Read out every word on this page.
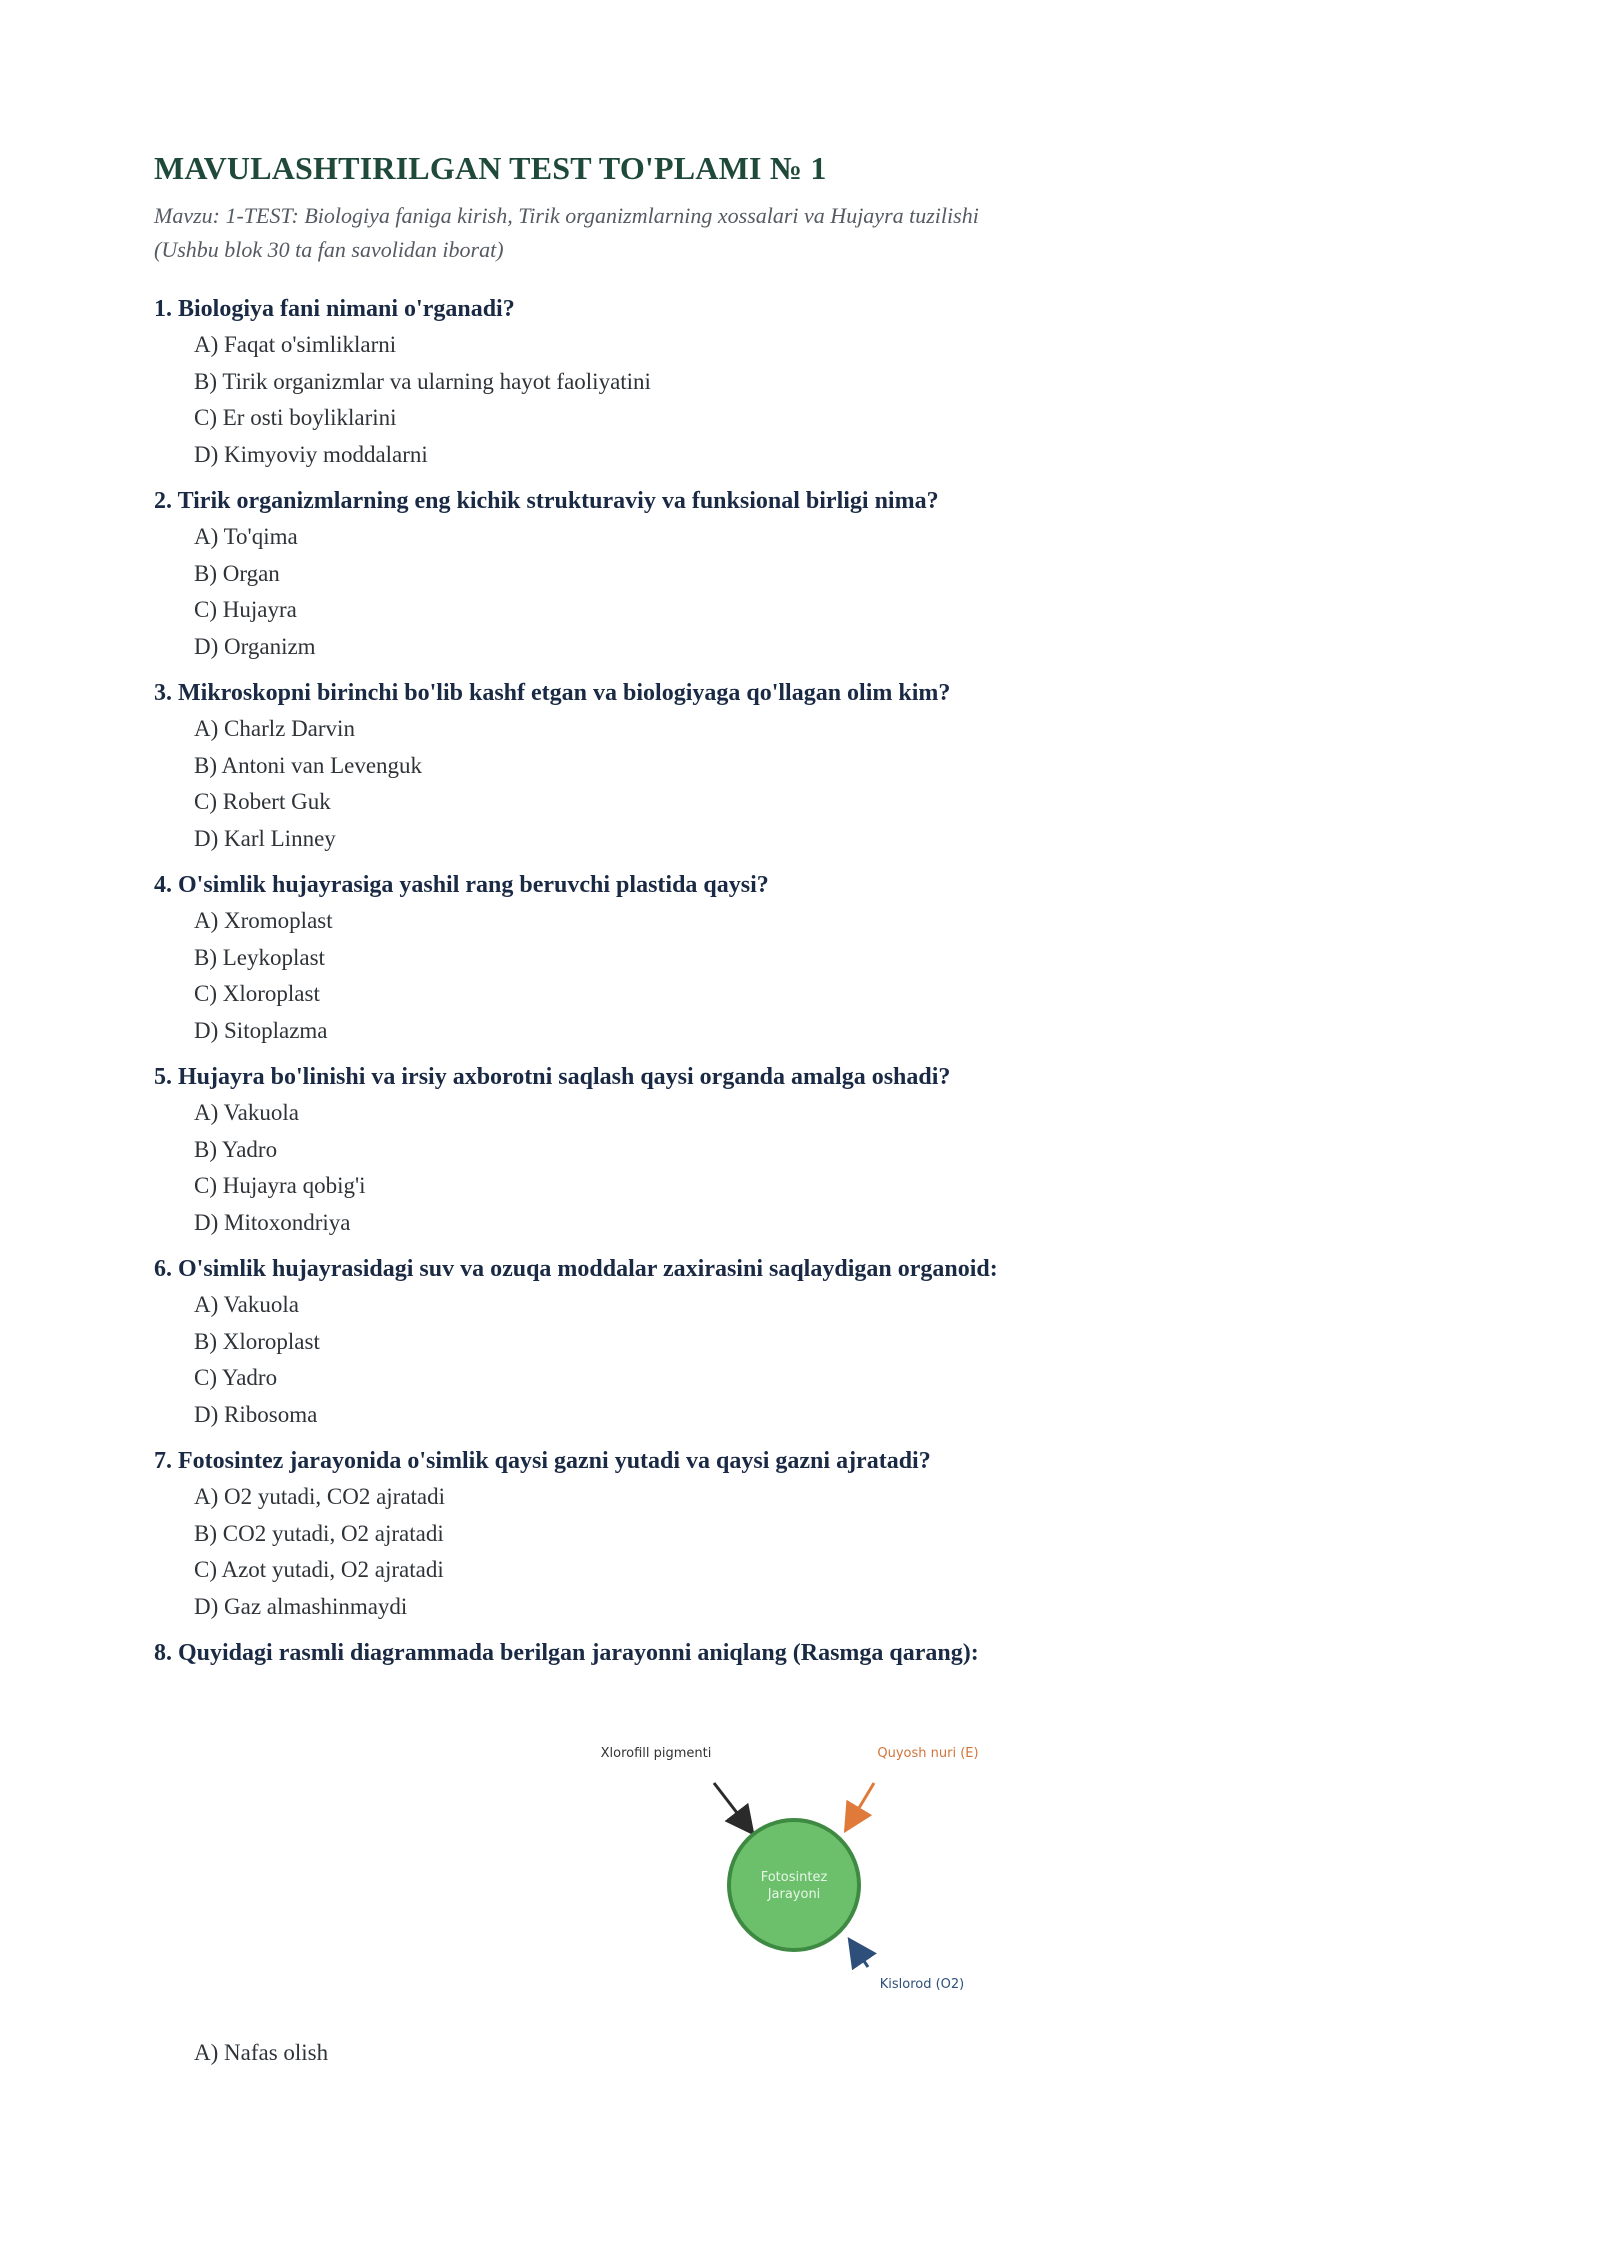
MAVULASHTIRILGAN TEST TO'PLAMI № 1
Mavzu: 1-TEST: Biologiya faniga kirish, Tirik organizmlarning xossalari va Hujayra tuzilishi
(Ushbu blok 30 ta fan savolidan iborat)
1. Biologiya fani nimani o'rganadi?
A) Faqat o'simliklarni
B) Tirik organizmlar va ularning hayot faoliyatini
C) Er osti boyliklarini
D) Kimyoviy moddalarni
2. Tirik organizmlarning eng kichik strukturaviy va funksional birligi nima?
A) To'qima
B) Organ
C) Hujayra
D) Organizm
3. Mikroskopni birinchi bo'lib kashf etgan va biologiyaga qo'llagan olim kim?
A) Charlz Darvin
B) Antoni van Levenguk
C) Robert Guk
D) Karl Linney
4. O'simlik hujayrasiga yashil rang beruvchi plastida qaysi?
A) Xromoplast
B) Leykoplast
C) Xloroplast
D) Sitoplazma
5. Hujayra bo'linishi va irsiy axborotni saqlash qaysi organda amalga oshadi?
A) Vakuola
B) Yadro
C) Hujayra qobig'i
D) Mitoxondriya
6. O'simlik hujayrasidagi suv va ozuqa moddalar zaxirasini saqlaydigan organoid:
A) Vakuola
B) Xloroplast
C) Yadro
D) Ribosoma
7. Fotosintez jarayonida o'simlik qaysi gazni yutadi va qaysi gazni ajratadi?
A) O2 yutadi, CO2 ajratadi
B) CO2 yutadi, O2 ajratadi
C) Azot yutadi, O2 ajratadi
D) Gaz almashinmaydi
8. Quyidagi rasmli diagrammada berilgan jarayonni aniqlang (Rasmga qarang):
Xlorofill pigmenti	Quyosh nuri (E)
Fotosintez
Jarayoni
Kislorod (O2)
A) Nafas olish
